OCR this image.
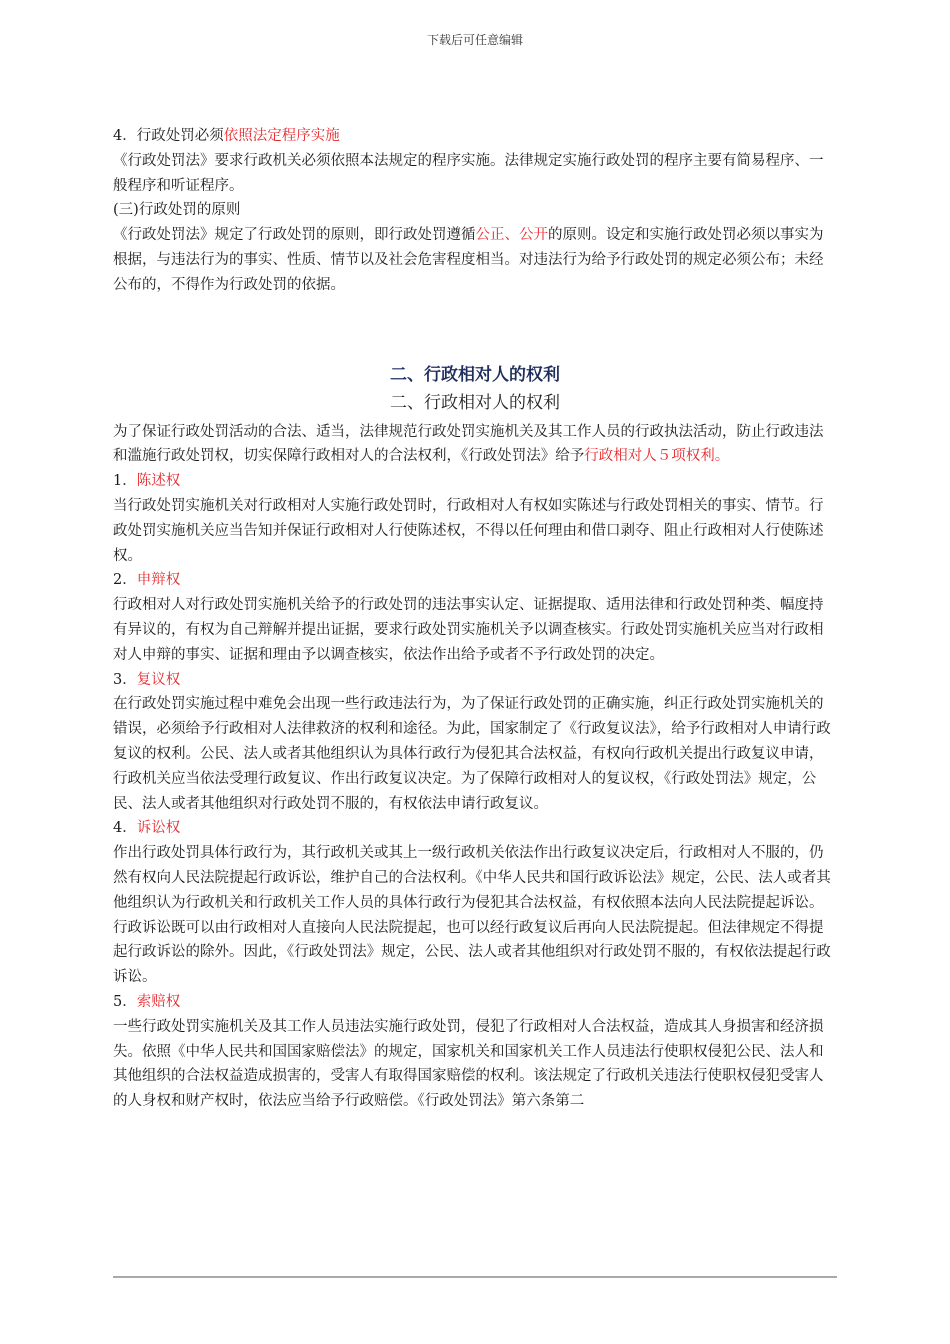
下载后可任意编辑

4．行政处罚必须依照法定程序实施

《行政处罚法》要求行政机关必须依照本法规定的程序实施。法律规定实施行政处罚的程序主要有简易程序、一般程序和听证程序。

(三)行政处罚的原则

《行政处罚法》规定了行政处罚的原则，即行政处罚遵循公正、公开的原则。设定和实施行政处罚必须以事实为根据，与违法行为的事实、性质、情节以及社会危害程度相当。对违法行为给予行政处罚的规定必须公布；未经公布的，不得作为行政处罚的依据。

二、行政相对人的权利
二、行政相对人的权利

为了保证行政处罚活动的合法、适当，法律规范行政处罚实施机关及其工作人员的行政执法活动，防止行政违法和滥施行政处罚权，切实保障行政相对人的合法权利，《行政处罚法》给予行政相对人５项权利。

1．陈述权

当行政处罚实施机关对行政相对人实施行政处罚时，行政相对人有权如实陈述与行政处罚相关的事实、情节。行政处罚实施机关应当告知并保证行政相对人行使陈述权，不得以任何理由和借口剥夺、阻止行政相对人行使陈述权。

2．申辩权

行政相对人对行政处罚实施机关给予的行政处罚的违法事实认定、证据提取、适用法律和行政处罚种类、幅度持有异议的，有权为自己辩解并提出证据，要求行政处罚实施机关予以调查核实。行政处罚实施机关应当对行政相对人申辩的事实、证据和理由予以调查核实，依法作出给予或者不予行政处罚的决定。

3．复议权

在行政处罚实施过程中难免会出现一些行政违法行为，为了保证行政处罚的正确实施，纠正行政处罚实施机关的错误，必须给予行政相对人法律救济的权利和途径。为此，国家制定了《行政复议法》，给予行政相对人申请行政复议的权利。公民、法人或者其他组织认为具体行政行为侵犯其合法权益，有权向行政机关提出行政复议申请，行政机关应当依法受理行政复议、作出行政复议决定。为了保障行政相对人的复议权，《行政处罚法》规定，公民、法人或者其他组织对行政处罚不服的，有权依法申请行政复议。

4．诉讼权

作出行政处罚具体行政行为，其行政机关或其上一级行政机关依法作出行政复议决定后，行政相对人不服的，仍然有权向人民法院提起行政诉讼，维护自己的合法权利。《中华人民共和国行政诉讼法》规定，公民、法人或者其他组织认为行政机关和行政机关工作人员的具体行政行为侵犯其合法权益，有权依照本法向人民法院提起诉讼。行政诉讼既可以由行政相对人直接向人民法院提起，也可以经行政复议后再向人民法院提起。但法律规定不得提起行政诉讼的除外。因此，《行政处罚法》规定，公民、法人或者其他组织对行政处罚不服的，有权依法提起行政诉讼。

5．索赔权

一些行政处罚实施机关及其工作人员违法实施行政处罚，侵犯了行政相对人合法权益，造成其人身损害和经济损失。依照《中华人民共和国国家赔偿法》的规定，国家机关和国家机关工作人员违法行使职权侵犯公民、法人和其他组织的合法权益造成损害的，受害人有取得国家赔偿的权利。该法规定了行政机关违法行使职权侵犯受害人的人身权和财产权时，依法应当给予行政赔偿。《行政处罚法》第六条第二
